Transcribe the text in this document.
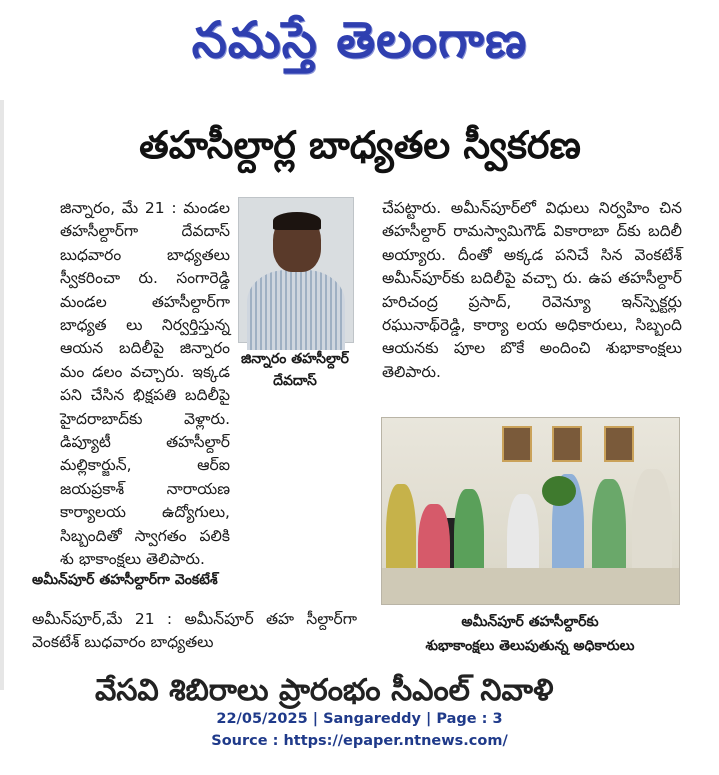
నమస్తే తెలంగాణ
తహసీల్దార్ల బాధ్యతల స్వీకరణ

జిన్నారం, మే 21 : మండల తహసీల్దార్‌గా దేవదాస్ బుధవారం బాధ్యతలు స్వీకరించా రు. సంగారెడ్డి మండల తహసీల్దార్‌గా బాధ్యత లు నిర్వర్తిస్తున్న ఆయన బదిలీపై జిన్నారం మం డలం వచ్చారు. ఇక్కడ పని చేసిన భిక్షపతి బదిలీపై హైదరాబాద్‌కు వెళ్లారు. డిప్యూటీ తహసీల్దార్ మల్లికార్జున్, ఆర్‌ఐ జయప్రకాశ్ నారాయణ కార్యాలయ ఉద్యోగులు, సిబ్బందితో స్వాగతం పలికి శు భాకాంక్షలు తెలిపారు.

జిన్నారం తహసీల్దార్ దేవదాస్
అమీన్‌పూర్ తహసీల్దార్‌గా వెంకటేశ్

అమీన్‌పూర్,మే 21 : అమీన్‌పూర్ తహ సీల్దార్‌గా వెంకటేశ్ బుధవారం బాధ్యతలు

చేపట్టారు. అమీన్‌పూర్‌లో విధులు నిర్వహిం చిన తహసీల్దార్ రామస్వామిగౌడ్ వికారాబా ద్‌కు బదిలీ అయ్యారు. దీంతో అక్కడ పనిచే సిన వెంకటేశ్ అమీన్‌పూర్‌కు బదిలీపై వచ్చా రు. ఉప తహసీల్దార్ హరిచంద్ర ప్రసాద్, రెవెన్యూ ఇన్‌స్పెక్టర్లు రఘునాథ్‌రెడ్డి, కార్యా లయ అధికారులు, సిబ్బంది ఆయనకు పూల బొకే అందించి శుభాకాంక్షలు తెలిపారు.

అమీన్‌పూర్ తహసీల్దార్‌కు
శుభాకాంక్షలు తెలుపుతున్న అధికారులు
వేసవి శిబిరాలు ప్రారంభం సీఎంల్‌ నివాళి
22/05/2025 | Sangareddy | Page : 3
Source : https://epaper.ntnews.com/
